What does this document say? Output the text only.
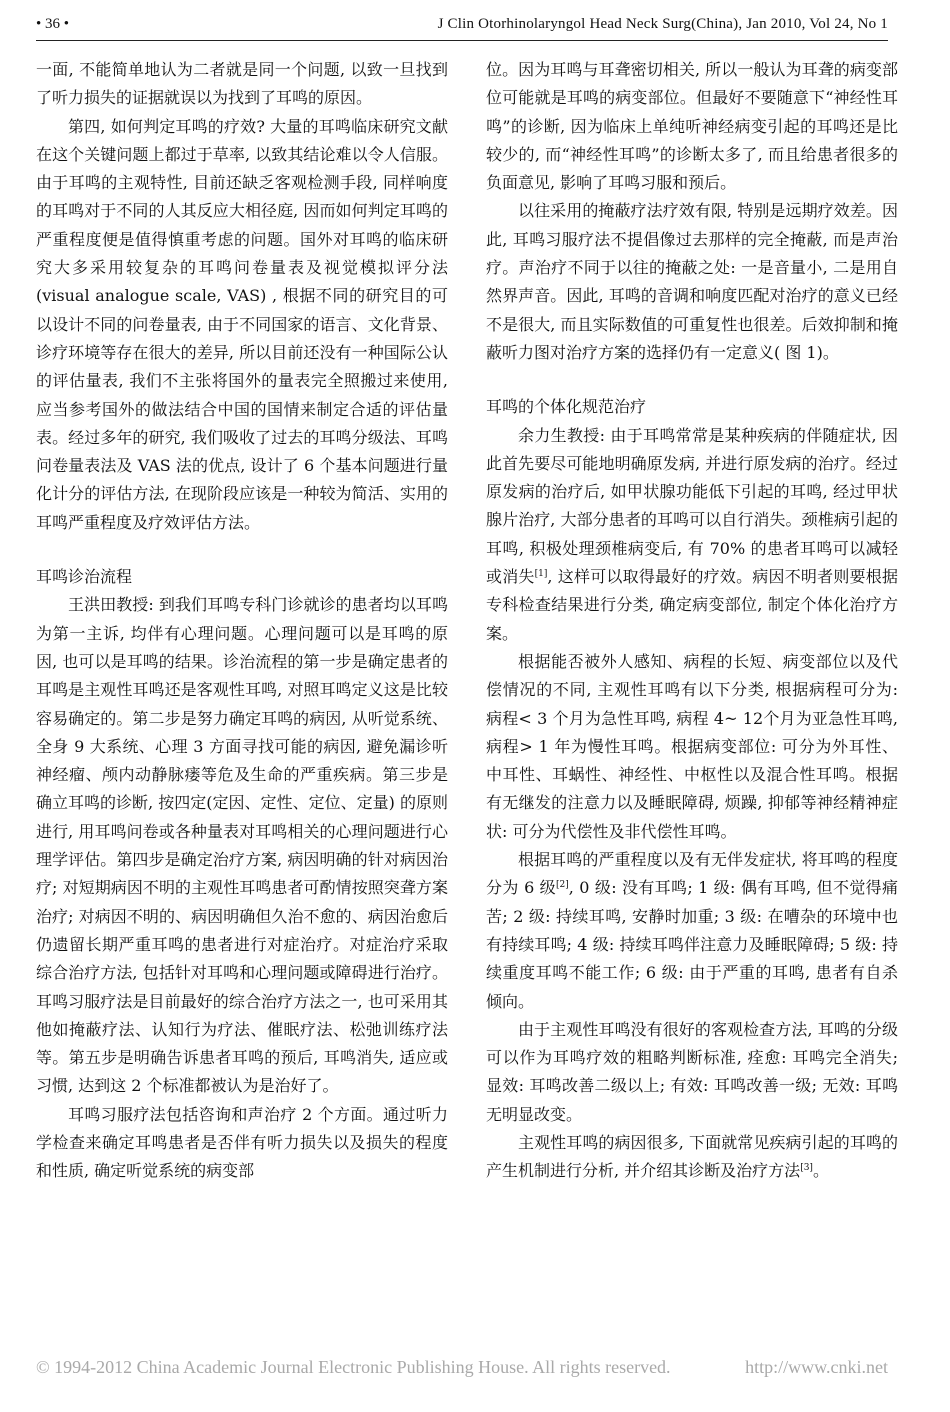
• 36 •	J Clin Otorhinolaryngol Head Neck Surg(China), Jan 2010, Vol 24, No 1

一面, 不能简单地认为二者就是同一个问题, 以致一旦找到了听力损失的证据就误以为找到了耳鸣的原因。

第四, 如何判定耳鸣的疗效? 大量的耳鸣临床研究文献在这个关键问题上都过于草率, 以致其结论难以令人信服。由于耳鸣的主观特性, 目前还缺乏客观检测手段, 同样响度的耳鸣对于不同的人其反应大相径庭, 因而如何判定耳鸣的严重程度便是值得慎重考虑的问题。国外对耳鸣的临床研究大多采用较复杂的耳鸣问卷量表及视觉模拟评分法 (visual analogue scale, VAS) , 根据不同的研究目的可以设计不同的问卷量表, 由于不同国家的语言、文化背景、诊疗环境等存在很大的差异, 所以目前还没有一种国际公认的评估量表, 我们不主张将国外的量表完全照搬过来使用, 应当参考国外的做法结合中国的国情来制定合适的评估量表。经过多年的研究, 我们吸收了过去的耳鸣分级法、耳鸣问卷量表法及 VAS 法的优点, 设计了 6 个基本问题进行量化计分的评估方法, 在现阶段应该是一种较为简活、实用的耳鸣严重程度及疗效评估方法。

耳鸣诊治流程

王洪田教授: 到我们耳鸣专科门诊就诊的患者均以耳鸣为第一主诉, 均伴有心理问题。心理问题可以是耳鸣的原因, 也可以是耳鸣的结果。诊治流程的第一步是确定患者的耳鸣是主观性耳鸣还是客观性耳鸣, 对照耳鸣定义这是比较容易确定的。第二步是努力确定耳鸣的病因, 从听觉系统、全身 9 大系统、心理 3 方面寻找可能的病因, 避免漏诊听神经瘤、颅内动静脉瘘等危及生命的严重疾病。第三步是确立耳鸣的诊断, 按四定(定因、定性、定位、定量) 的原则进行, 用耳鸣问卷或各种量表对耳鸣相关的心理问题进行心理学评估。第四步是确定治疗方案, 病因明确的针对病因治疗; 对短期病因不明的主观性耳鸣患者可酌情按照突聋方案治疗; 对病因不明的、病因明确但久治不愈的、病因治愈后仍遗留长期严重耳鸣的患者进行对症治疗。对症治疗采取综合治疗方法, 包括针对耳鸣和心理问题或障碍进行治疗。耳鸣习服疗法是目前最好的综合治疗方法之一, 也可采用其他如掩蔽疗法、认知行为疗法、催眠疗法、松弛训练疗法等。第五步是明确告诉患者耳鸣的预后, 耳鸣消失, 适应或习惯, 达到这 2 个标准都被认为是治好了。

耳鸣习服疗法包括咨询和声治疗 2 个方面。通过听力学检查来确定耳鸣患者是否伴有听力损失以及损失的程度和性质, 确定听觉系统的病变部

位。因为耳鸣与耳聋密切相关, 所以一般认为耳聋的病变部位可能就是耳鸣的病变部位。但最好不要随意下“神经性耳鸣”的诊断, 因为临床上单纯听神经病变引起的耳鸣还是比较少的, 而“神经性耳鸣”的诊断太多了, 而且给患者很多的负面意见, 影响了耳鸣习服和预后。

以往采用的掩蔽疗法疗效有限, 特别是远期疗效差。因此, 耳鸣习服疗法不提倡像过去那样的完全掩蔽, 而是声治疗。声治疗不同于以往的掩蔽之处: 一是音量小, 二是用自然界声音。因此, 耳鸣的音调和响度匹配对治疗的意义已经不是很大, 而且实际数值的可重复性也很差。后效抑制和掩蔽听力图对治疗方案的选择仍有一定意义( 图 1)。

耳鸣的个体化规范治疗

余力生教授: 由于耳鸣常常是某种疾病的伴随症状, 因此首先要尽可能地明确原发病, 并进行原发病的治疗。经过原发病的治疗后, 如甲状腺功能低下引起的耳鸣, 经过甲状腺片治疗, 大部分患者的耳鸣可以自行消失。颈椎病引起的耳鸣, 积极处理颈椎病变后, 有 70% 的患者耳鸣可以减轻或消失[1], 这样可以取得最好的疗效。病因不明者则要根据专科检查结果进行分类, 确定病变部位, 制定个体化治疗方案。

根据能否被外人感知、病程的长短、病变部位以及代偿情况的不同, 主观性耳鸣有以下分类, 根据病程可分为: 病程< 3 个月为急性耳鸣, 病程 4~ 12个月为亚急性耳鸣,病程> 1 年为慢性耳鸣。根据病变部位: 可分为外耳性、中耳性、耳蜗性、神经性、中枢性以及混合性耳鸣。根据有无继发的注意力以及睡眠障碍, 烦躁, 抑郁等神经精神症状: 可分为代偿性及非代偿性耳鸣。

根据耳鸣的严重程度以及有无伴发症状, 将耳鸣的程度分为 6 级[2], 0 级: 没有耳鸣; 1 级: 偶有耳鸣, 但不觉得痛苦; 2 级: 持续耳鸣, 安静时加重; 3 级: 在嘈杂的环境中也有持续耳鸣; 4 级: 持续耳鸣伴注意力及睡眠障碍; 5 级: 持续重度耳鸣不能工作; 6 级: 由于严重的耳鸣, 患者有自杀倾向。

由于主观性耳鸣没有很好的客观检查方法, 耳鸣的分级可以作为耳鸣疗效的粗略判断标准, 痊愈: 耳鸣完全消失; 显效: 耳鸣改善二级以上; 有效: 耳鸣改善一级; 无效: 耳鸣无明显改变。

主观性耳鸣的病因很多, 下面就常见疾病引起的耳鸣的产生机制进行分析, 并介绍其诊断及治疗方法[3]。

© 1994-2012 China Academic Journal Electronic Publishing House. All rights reserved.	http://www.cnki.net
